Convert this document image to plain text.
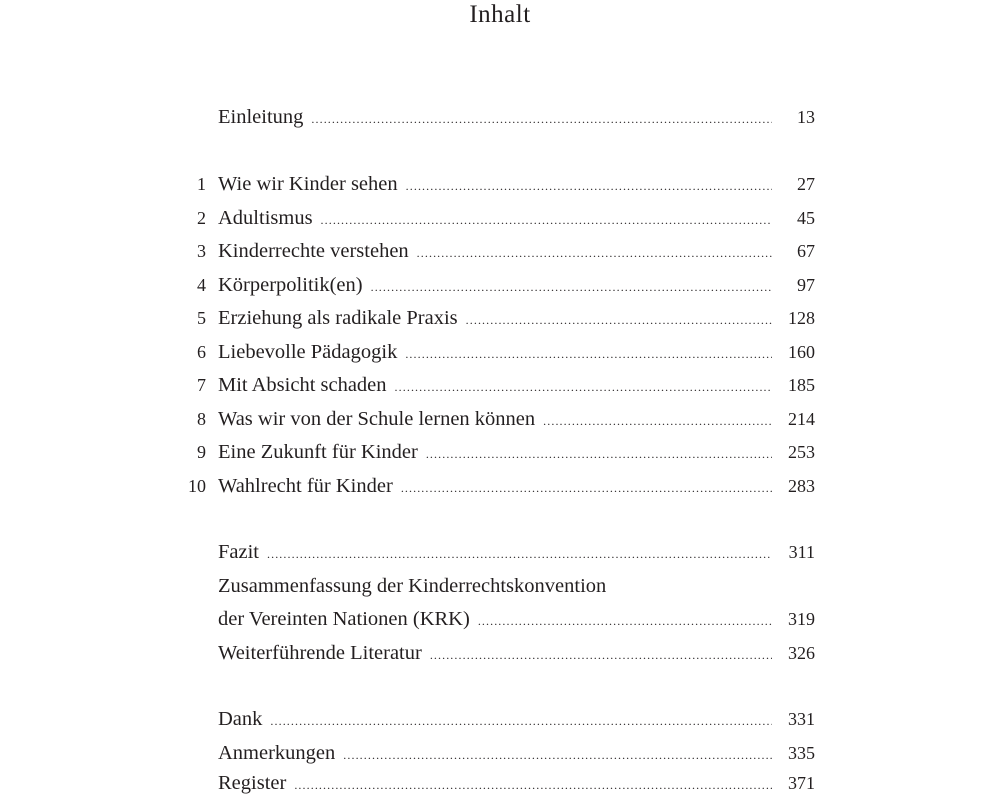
Inhalt
Einleitung .....	13
1 Wie wir Kinder sehen .....	27
2 Adultismus .....	45
3 Kinderrechte verstehen .....	67
4 Körperpolitik(en) .....	97
5 Erziehung als radikale Praxis .....	128
6 Liebevolle Pädagogik .....	160
7 Mit Absicht schaden .....	185
8 Was wir von der Schule lernen können .....	214
9 Eine Zukunft für Kinder .....	253
10 Wahlrecht für Kinder .....	283
Fazit .....	311
Zusammenfassung der Kinderrechtskonvention
der Vereinten Nationen (KRK) .....	319
Weiterführende Literatur .....	326
Dank .....	331
Anmerkungen .....	335
Register .....	371
